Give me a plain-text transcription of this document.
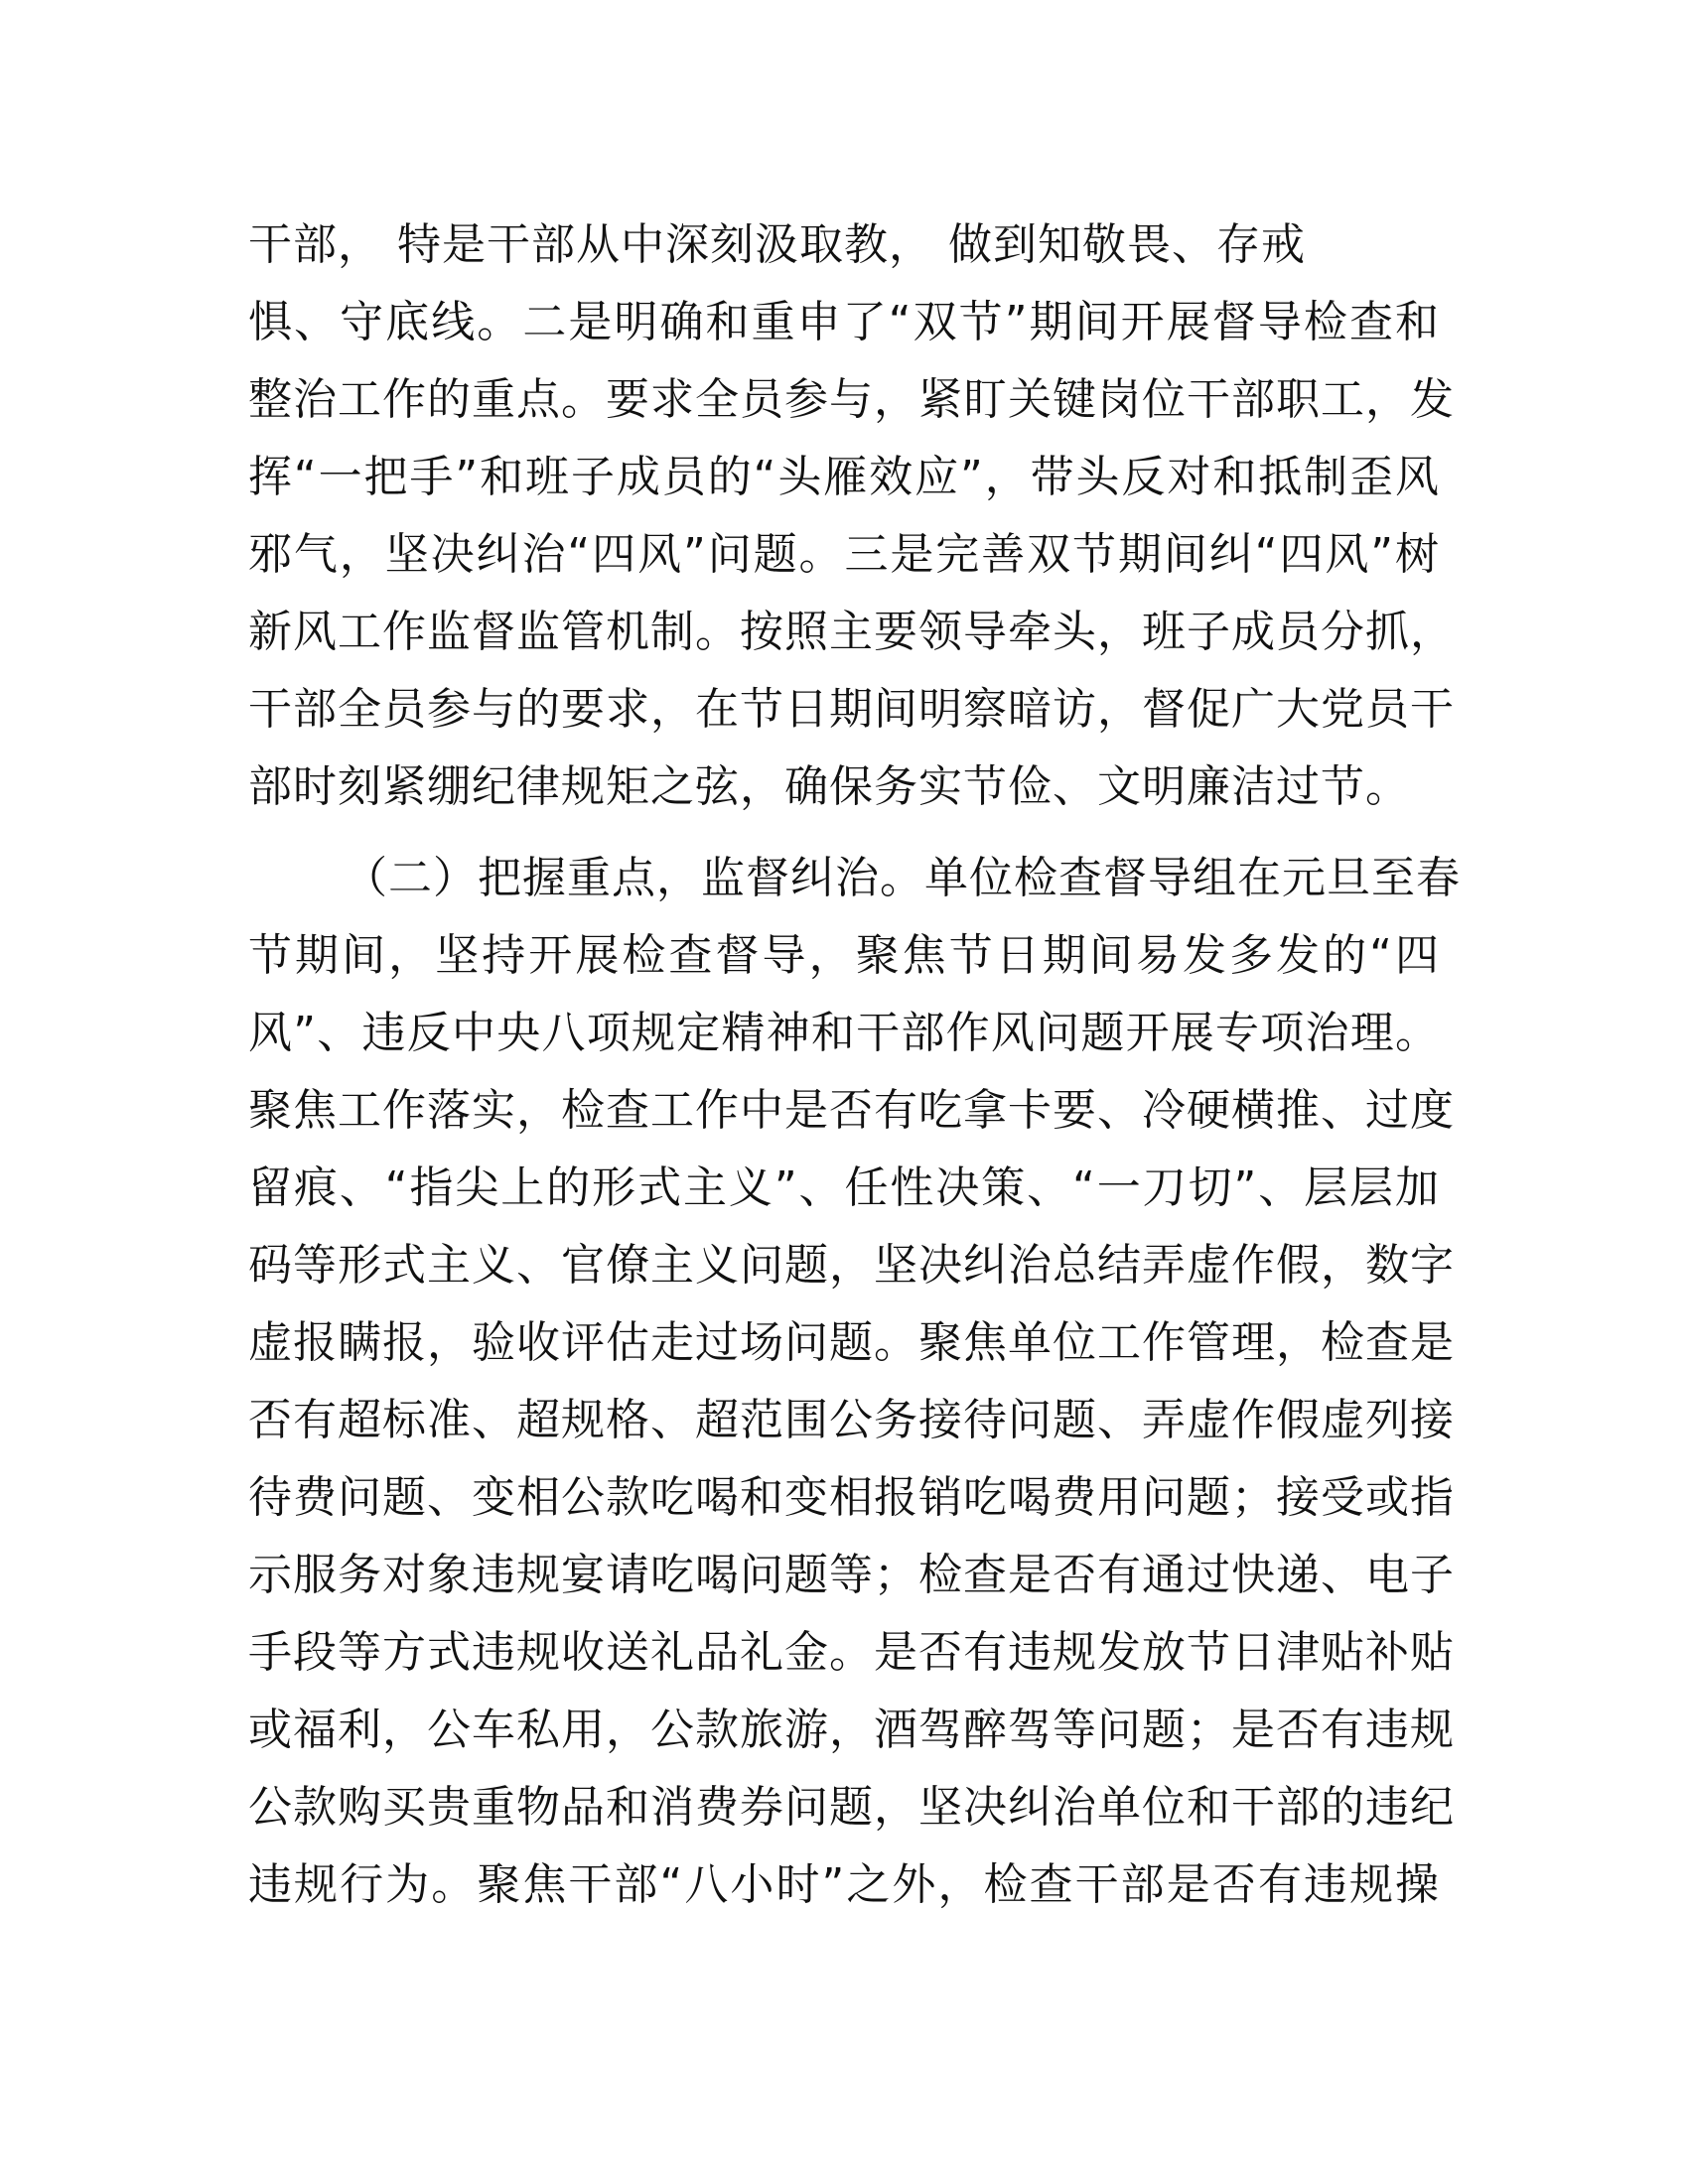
干部， 特是干部从中深刻汲取教， 做到知敬畏、存戒
惧、守底线。二是明确和重申了“双节”期间开展督导检查和
整治工作的重点。要求全员参与，紧盯关键岗位干部职工，发
挥“一把手”和班子成员的“头雁效应”，带头反对和抵制歪风
邪气，坚决纠治“四风”问题。三是完善双节期间纠“四风”树
新风工作监督监管机制。按照主要领导牵头，班子成员分抓，
干部全员参与的要求，在节日期间明察暗访，督促广大党员干
部时刻紧绷纪律规矩之弦，确保务实节俭、文明廉洁过节。
（二）把握重点，监督纠治。单位检查督导组在元旦至春
节期间，坚持开展检查督导，聚焦节日期间易发多发的“四
风”、违反中央八项规定精神和干部作风问题开展专项治理。
聚焦工作落实，检查工作中是否有吃拿卡要、冷硬横推、过度
留痕、“指尖上的形式主义”、任性决策、“一刀切”、层层加
码等形式主义、官僚主义问题，坚决纠治总结弄虚作假，数字
虚报瞒报，验收评估走过场问题。聚焦单位工作管理，检查是
否有超标准、超规格、超范围公务接待问题、弄虚作假虚列接
待费问题、变相公款吃喝和变相报销吃喝费用问题；接受或指
示服务对象违规宴请吃喝问题等；检查是否有通过快递、电子
手段等方式违规收送礼品礼金。是否有违规发放节日津贴补贴
或福利，公车私用，公款旅游，酒驾醉驾等问题；是否有违规
公款购买贵重物品和消费券问题，坚决纠治单位和干部的违纪
违规行为。聚焦干部“八小时”之外，检查干部是否有违规操
